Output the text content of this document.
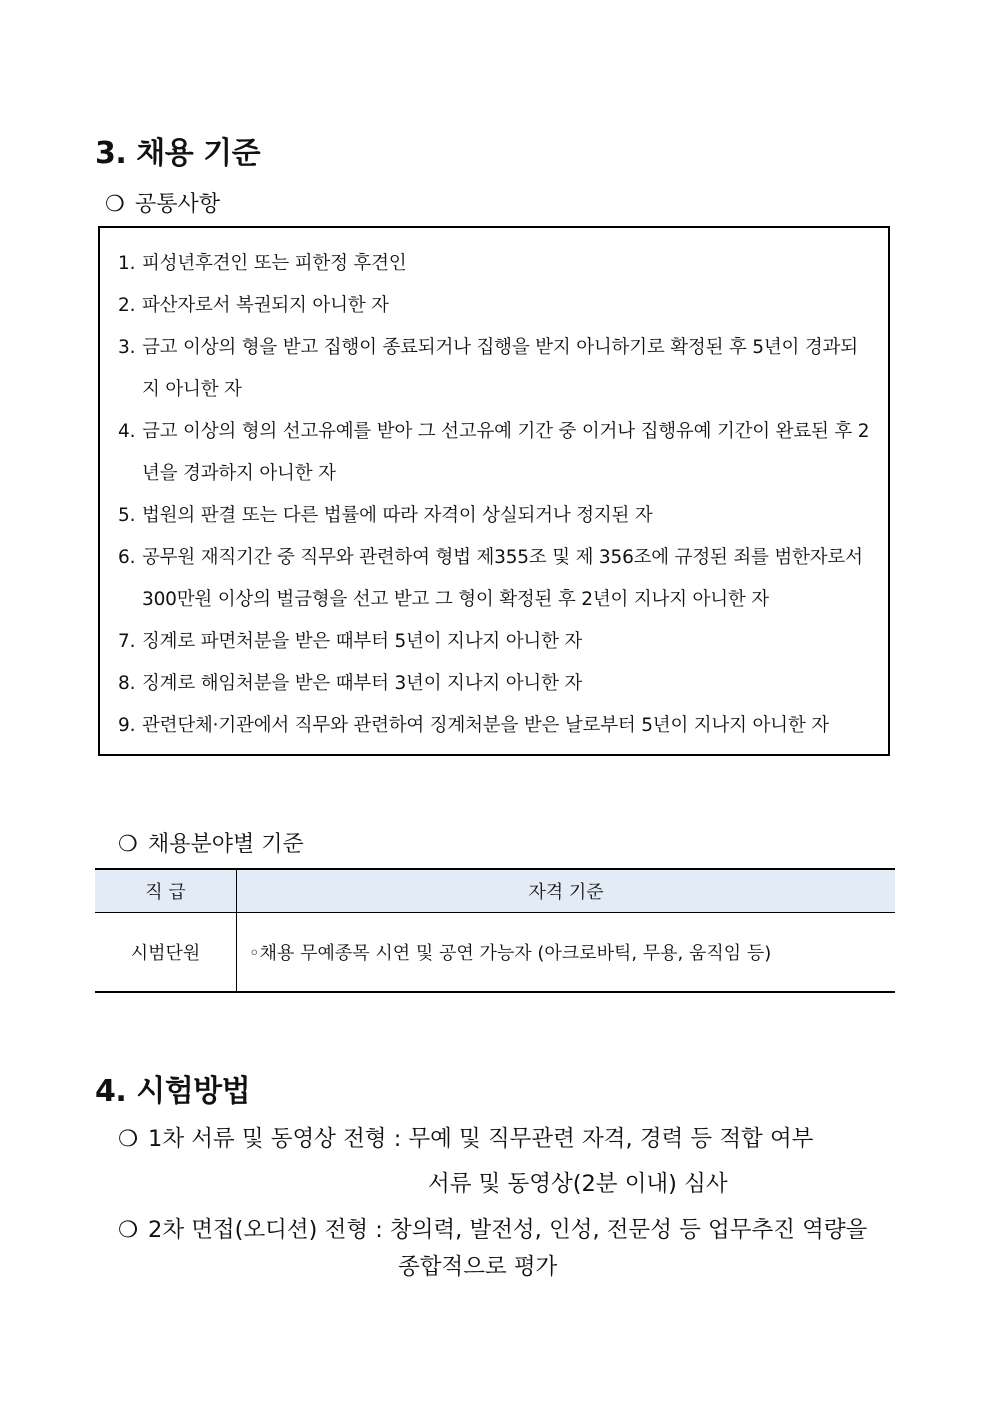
3. 채용 기준
❍ 공통사항
1. 피성년후견인 또는 피한정 후견인
2. 파산자로서 복권되지 아니한 자
3. 금고 이상의 형을 받고 집행이 종료되거나 집행을 받지 아니하기로 확정된 후 5년이 경과되
지 아니한 자
4. 금고 이상의 형의 선고유예를 받아 그 선고유예 기간 중 이거나 집행유예 기간이 완료된 후 2
년을 경과하지 아니한 자
5. 법원의 판결 또는 다른 법률에 따라 자격이 상실되거나 정지된 자
6. 공무원 재직기간 중 직무와 관련하여 형법 제355조 및 제 356조에 규정된 죄를 범한자로서
300만원 이상의 벌금형을 선고 받고 그 형이 확정된 후 2년이 지나지 아니한 자
7. 징계로 파면처분을 받은 때부터 5년이 지나지 아니한 자
8. 징계로 해임처분을 받은 때부터 3년이 지나지 아니한 자
9. 관련단체·기관에서 직무와 관련하여 징계처분을 받은 날로부터 5년이 지나지 아니한 자
❍ 채용분야별 기준
직 급	자격 기준
시범단원	◦채용 무예종목 시연 및 공연 가능자 (아크로바틱, 무용, 움직임 등)
4. 시험방법
❍ 1차 서류 및 동영상 전형 : 무예 및 직무관련 자격, 경력 등 적합 여부
서류 및 동영상(2분 이내) 심사
❍ 2차 면접(오디션) 전형 : 창의력, 발전성, 인성, 전문성 등 업무추진 역량을
종합적으로 평가
